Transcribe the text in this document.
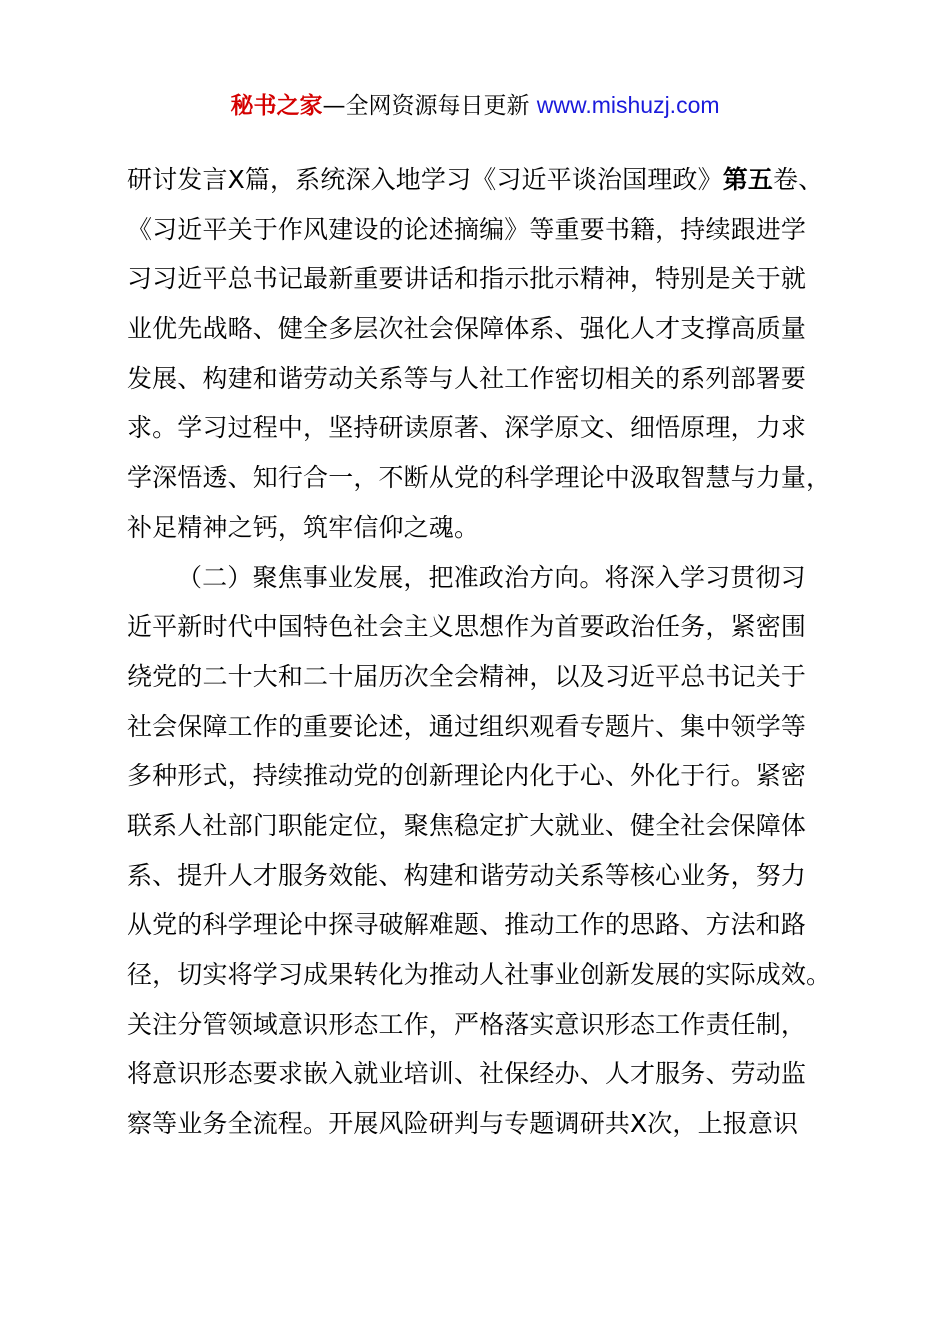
秘书之家—全网资源每日更新 www.mishuzj.com
研讨发言X篇，系统深入地学习《习近平谈治国理政》第五卷、
《习近平关于作风建设的论述摘编》等重要书籍，持续跟进学
习习近平总书记最新重要讲话和指示批示精神，特别是关于就
业优先战略、健全多层次社会保障体系、强化人才支撑高质量
发展、构建和谐劳动关系等与人社工作密切相关的系列部署要
求。学习过程中，坚持研读原著、深学原文、细悟原理，力求
学深悟透、知行合一，不断从党的科学理论中汲取智慧与力量，
补足精神之钙，筑牢信仰之魂。
（二）聚焦事业发展，把准政治方向。将深入学习贯彻习
近平新时代中国特色社会主义思想作为首要政治任务，紧密围
绕党的二十大和二十届历次全会精神，以及习近平总书记关于
社会保障工作的重要论述，通过组织观看专题片、集中领学等
多种形式，持续推动党的创新理论内化于心、外化于行。紧密
联系人社部门职能定位，聚焦稳定扩大就业、健全社会保障体
系、提升人才服务效能、构建和谐劳动关系等核心业务，努力
从党的科学理论中探寻破解难题、推动工作的思路、方法和路
径，切实将学习成果转化为推动人社事业创新发展的实际成效。
关注分管领域意识形态工作，严格落实意识形态工作责任制，
将意识形态要求嵌入就业培训、社保经办、人才服务、劳动监
察等业务全流程。开展风险研判与专题调研共X次，上报意识
